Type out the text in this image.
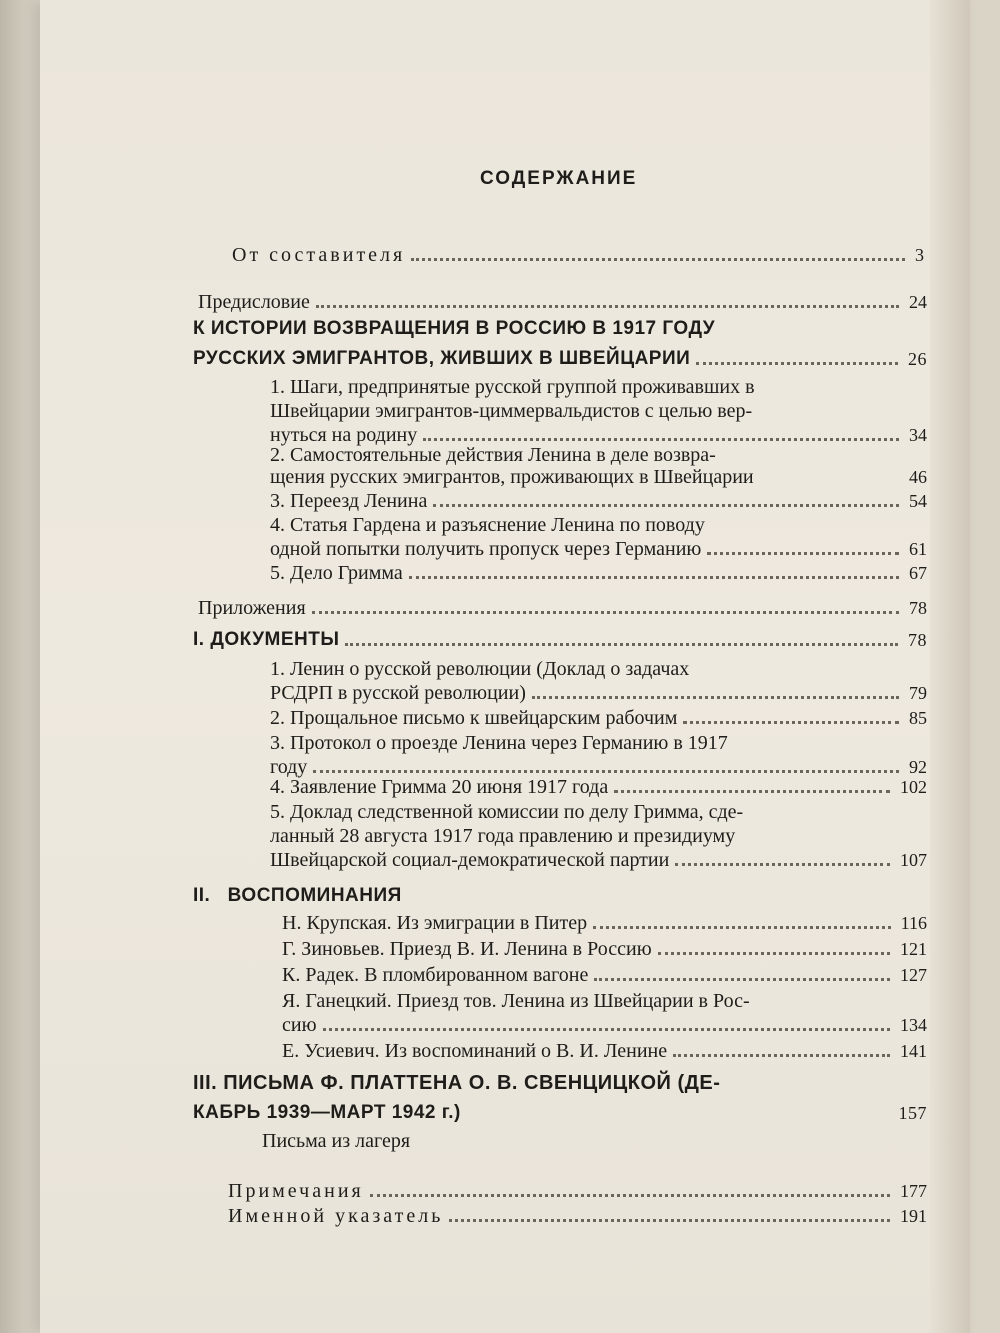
СОДЕРЖАНИЕ
От составителя	3
Предисловие	24
К ИСТОРИИ ВОЗВРАЩЕНИЯ В РОССИЮ В 1917 ГОДУ
РУССКИХ ЭМИГРАНТОВ, ЖИВШИХ В ШВЕЙЦАРИИ	26
1. Шаги, предпринятые русской группой проживавших в
Швейцарии эмигрантов-циммервальдистов с целью вер-
нуться на родину	34
2. Самостоятельные действия Ленина в деле возвра-
щения русских эмигрантов, проживающих в Швейцарии	46
3. Переезд Ленина	54
4. Статья Гардена и разъяснение Ленина по поводу
одной попытки получить пропуск через Германию	61
5. Дело Гримма	67
Приложения	78
I. ДОКУМЕНТЫ	78
1. Ленин о русской революции (Доклад о задачах
РСДРП в русской революции)	79
2. Прощальное письмо к швейцарским рабочим	85
3. Протокол о проезде Ленина через Германию в 1917
году	92
4. Заявление Гримма 20 июня 1917 года	102
5. Доклад следственной комиссии по делу Гримма, сде-
ланный 28 августа 1917 года правлению и президиуму
Швейцарской социал-демократической партии	107
II.   ВОСПОМИНАНИЯ
Н. Крупская. Из эмиграции в Питер	116
Г. Зиновьев. Приезд В. И. Ленина в Россию	121
К. Радек. В пломбированном вагоне	127
Я. Ганецкий. Приезд тов. Ленина из Швейцарии в Рос-
сию	134
Е. Усиевич. Из воспоминаний о В. И. Ленине	141
III. ПИСЬМА Ф. ПЛАТТЕНА О. В. СВЕНЦИЦКОЙ (ДЕ-
КАБРЬ 1939—МАРТ 1942 г.)	157
Письма из лагеря
Примечания	177
Именной указатель	191
